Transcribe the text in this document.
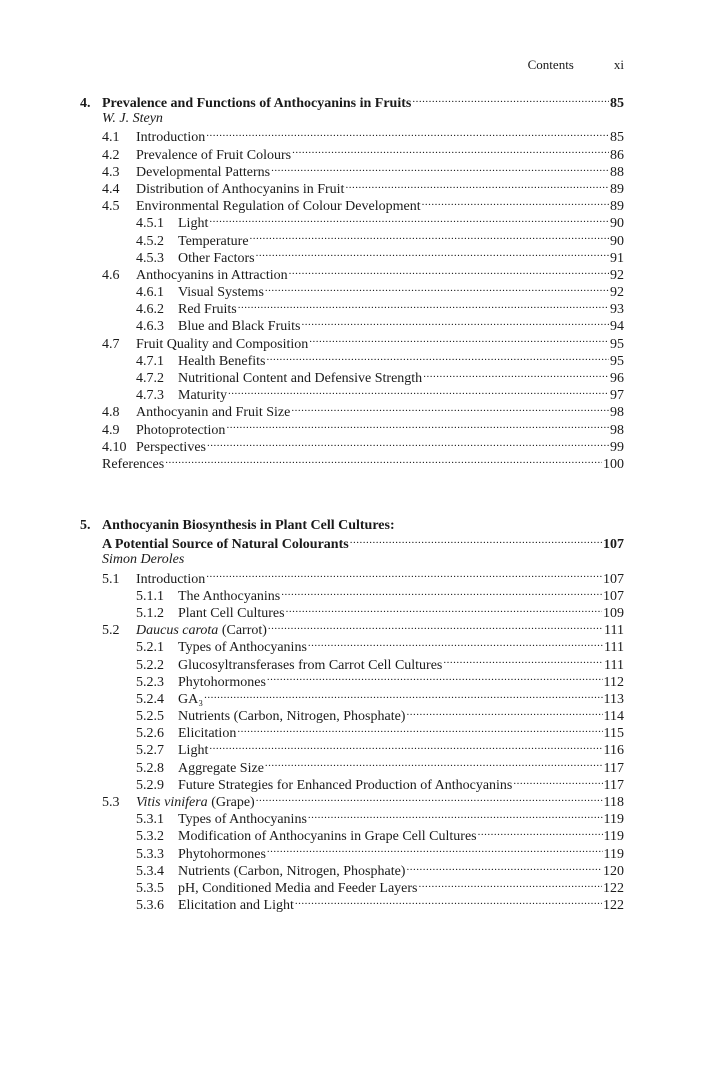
Contents	xi
4. Prevalence and Functions of Anthocyanins in Fruits .....	85
W. J. Steyn
4.1	Introduction .....	85
4.2	Prevalence of Fruit Colours .....	86
4.3	Developmental Patterns .....	88
4.4	Distribution of Anthocyanins in Fruit .....	89
4.5	Environmental Regulation of Colour Development .....	89
4.5.1	Light .....	90
4.5.2	Temperature .....	90
4.5.3	Other Factors .....	91
4.6	Anthocyanins in Attraction .....	92
4.6.1	Visual Systems .....	92
4.6.2	Red Fruits .....	93
4.6.3	Blue and Black Fruits .....	94
4.7	Fruit Quality and Composition .....	95
4.7.1	Health Benefits .....	95
4.7.2	Nutritional Content and Defensive Strength .....	96
4.7.3	Maturity .....	97
4.8	Anthocyanin and Fruit Size .....	98
4.9	Photoprotection .....	98
4.10 Perspectives .....	99
References .....	100
5. Anthocyanin Biosynthesis in Plant Cell Cultures:
A Potential Source of Natural Colourants .....	107
Simon Deroles
5.1	Introduction .....	107
5.1.1	The Anthocyanins .....	107
5.1.2	Plant Cell Cultures .....	109
5.2	Daucus carota (Carrot) .....	111
5.2.1	Types of Anthocyanins .....	111
5.2.2	Glucosyltransferases from Carrot Cell Cultures .....	111
5.2.3	Phytohormones .....	112
5.2.4	GA₃ .....	113
5.2.5	Nutrients (Carbon, Nitrogen, Phosphate) .....	114
5.2.6	Elicitation .....	115
5.2.7	Light .....	116
5.2.8	Aggregate Size .....	117
5.2.9	Future Strategies for Enhanced Production of Anthocyanins .....	117
5.3	Vitis vinifera (Grape) .....	118
5.3.1	Types of Anthocyanins .....	119
5.3.2	Modification of Anthocyanins in Grape Cell Cultures .....	119
5.3.3	Phytohormones .....	119
5.3.4	Nutrients (Carbon, Nitrogen, Phosphate) .....	120
5.3.5	pH, Conditioned Media and Feeder Layers .....	122
5.3.6	Elicitation and Light .....	122
